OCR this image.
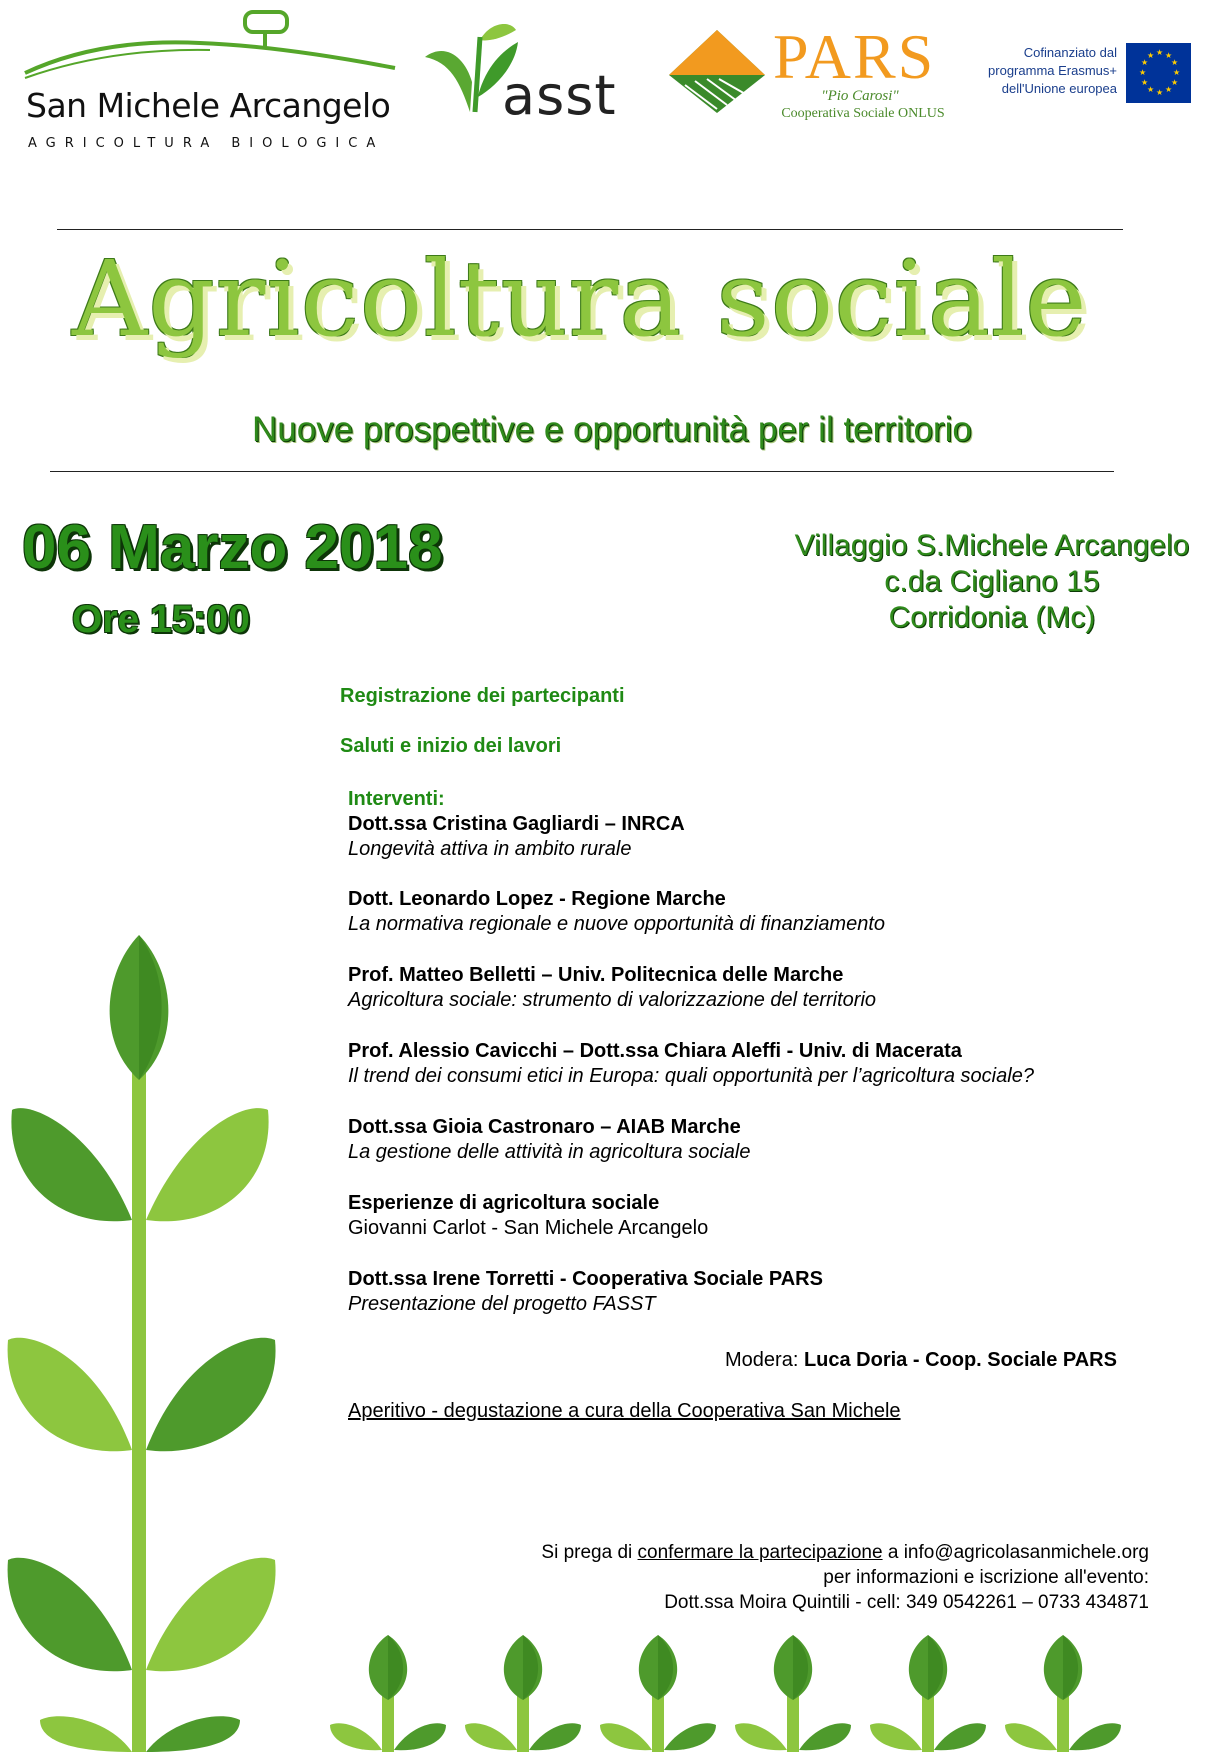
San Michele Arcangelo
AGRICOLTURA BIOLOGICA
asst
PARS
"Pio Carosi"
Cooperativa Sociale ONLUS
Cofinanziato dal
programma Erasmus+
dell'Unione europea
★ ★
★
★
★
★
★
★
★
★
★
★
Agricoltura sociale
Nuove prospettive e opportunità per il territorio
06 Marzo 2018
Ore 15:00
Villaggio S.Michele Arcangelo
c.da Cigliano 15
Corridonia (Mc)
Registrazione dei partecipanti
Saluti e inizio dei lavori
Interventi:
Dott.ssa Cristina Gagliardi – INRCA
Longevità attiva in ambito rurale
Dott. Leonardo Lopez - Regione Marche
La normativa regionale e nuove opportunità di finanziamento
Prof. Matteo Belletti – Univ. Politecnica delle Marche
Agricoltura sociale: strumento di valorizzazione del territorio
Prof. Alessio Cavicchi – Dott.ssa Chiara Aleffi - Univ. di Macerata
Il trend dei consumi etici in Europa: quali opportunità per l’agricoltura sociale?
Dott.ssa Gioia Castronaro – AIAB Marche
La gestione delle attività in agricoltura sociale
Esperienze di agricoltura sociale
Giovanni Carlot - San Michele Arcangelo
Dott.ssa Irene Torretti - Cooperativa Sociale PARS
Presentazione del progetto FASST
Modera: Luca Doria - Coop. Sociale PARS
Aperitivo - degustazione a cura della Cooperativa San Michele
Si prega di confermare la partecipazione a info@agricolasanmichele.org
per informazioni e iscrizione all'evento:
Dott.ssa Moira Quintili - cell: 349 0542261 – 0733 434871
